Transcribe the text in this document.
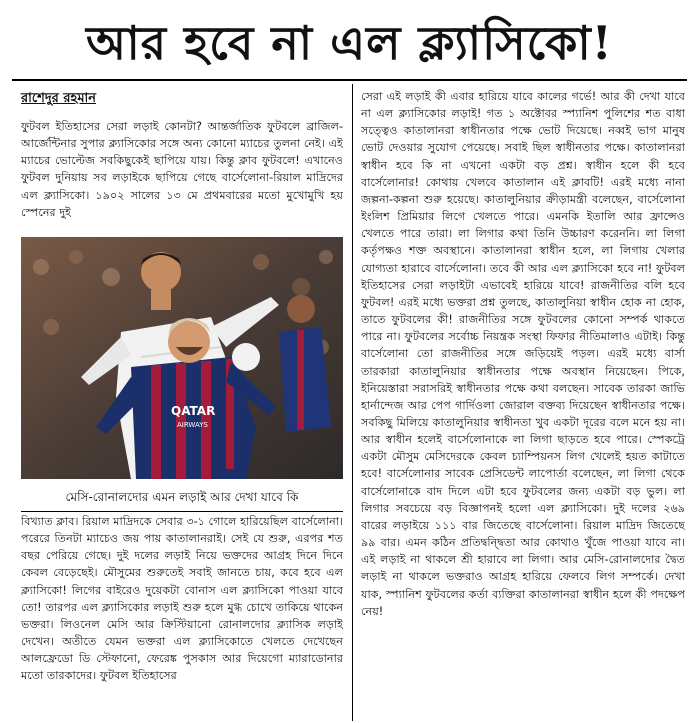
আর হবে না এল ক্ল্যাসিকো!
রাশেদুর রহমান

ফুটবল ইতিহাসের সেরা লড়াই কোনটা? আন্তর্জাতিক ফুটবলে ব্রাজিল-আর্জেন্টিনার সুপার ক্ল্যাসিকোর সঙ্গে অন্য কোনো ম্যাচের তুলনা নেই। এই ম্যাচের ভোল্টেজ সবকিছুকেই ছাপিয়ে যায়। কিন্তু ক্লাব ফুটবলে! এখানেও ফুটবল দুনিয়ায় সব লড়াইকে ছাপিয়ে গেছে বার্সেলোনা-রিয়াল মাদ্রিদের এল ক্ল্যাসিকো। ১৯০২ সালের ১৩ মে প্রথমবারের মতো মুখোমুখি হয় স্পেনের দুই

QATAR
AIRWAYS
মেসি-রোনালদোর এমন লড়াই আর দেখা যাবে কি

বিখ্যাত ক্লাব। রিয়াল মাদ্রিদকে সেবার ৩-১ গোলে হারিয়েছিল বার্সেলোনা। পরেরে তিনটা ম্যাচেও জয় পায় কাতালানরাই। সেই যে শুরু, এরপর শত বছর পেরিয়ে গেছে। দুই দলের লড়াই নিয়ে ভক্তদের আগ্রহ দিনে দিনে কেবল বেড়েছেই। মৌসুমের শুরুতেই সবাই জানতে চায়, কবে হবে এল ক্ল্যাসিকো! লিগের বাইরেও দুয়েকটা বোনাস এল ক্ল্যাসিকো পাওয়া যাবে তো! তারপর এল ক্ল্যাসিকোর লড়াই শুরু হলে মুগ্ধ চোখে তাকিয়ে থাকেন ভক্তরা। লিওনেল মেসি আর ক্রিস্টিয়ানো রোনালদোর ক্ল্যাসিক লড়াই দেখেন। অতীতে যেমন ভক্তরা এল ক্ল্যাসিকোতে খেলতে দেখেছেন আলফ্রেডো ডি স্টেফানো, ফেরেঙ্ক পুসকাস আর দিয়েগো ম্যারাডোনার মতো তারকাদের। ফুটবল ইতিহাসের

সেরা এই লড়াই কী এবার হারিয়ে যাবে কালের গর্ভে! আর কী দেখা যাবে না এল ক্ল্যাসিকোর লড়াই! গত ১ অক্টোবর স্প্যানিশ পুলিশের শত বাধা সত্ত্বেও কাতালানরা স্বাধীনতার পক্ষে ভোট দিয়েছে। নব্বই ভাগ মানুষ ভোট দেওয়ার সুযোগ পেয়েছে। সবাই ছিল স্বাধীনতার পক্ষে। কাতালানরা স্বাধীন হবে কি না এখনো একটা বড় প্রশ্ন। স্বাধীন হলে কী হবে বার্সেলোনার! কোথায় খেলবে কাতালান এই ক্লাবটি! এরই মধ্যে নানা জল্পনা-কল্পনা শুরু হয়েছে। কাতালুনিয়ার ক্রীড়ামন্ত্রী বলেছেন, বার্সেলোনা ইংলিশ প্রিমিয়ার লিগে খেলতে পারে। এমনকি ইতালি আর ফ্রান্সেও খেলতে পারে তারা। লা লিগার কথা তিনি উচ্চারণ করেননি। লা লিগা কর্তৃপক্ষও শক্ত অবস্থানে। কাতালানরা স্বাধীন হলে, লা লিগায় খেলার যোগ্যতা হারাবে বার্সেলোনা। তবে কী আর এল ক্ল্যাসিকো হবে না! ফুটবল ইতিহাসের সেরা লড়াইটা এভাবেই হারিয়ে যাবে! রাজনীতির বলি হবে ফুটবল! এরই মধ্যে ভক্তরা প্রশ্ন তুলছে, কাতালুনিয়া স্বাধীন হোক না হোক, তাতে ফুটবলের কী! রাজনীতির সঙ্গে ফুটবলের কোনো সম্পর্ক থাকতে পারে না। ফুটবলের সর্বোচ্চ নিয়ন্ত্রক সংস্থা ফিফার নীতিমালাও এটাই। কিন্তু বার্সেলোনা তো রাজনীতির সঙ্গে জড়িয়েই পড়ল। এরই মধ্যে বার্সা তারকারা কাতালুনিয়ার স্বাধীনতার পক্ষে অবস্থান নিয়েছেন। পিকে, ইনিয়েস্তারা সরাসরিই স্বাধীনতার পক্ষে কথা বলছেন। সাবেক তারকা জাভি হার্নান্দেজ আর পেপ গার্দিওলা জোরাল বক্তব্য দিয়েছেন স্বাধীনতার পক্ষে। সবকিছু মিলিয়ে কাতালুনিয়ার স্বাধীনতা খুব একটা দূরের বলে মনে হয় না। আর স্বাধীন হলেই বার্সেলোনাকে লা লিগা ছাড়তে হবে পারে। স্পেকট্রে একটা মৌসুম মেসিদেরকে কেবল চ্যাম্পিয়নস লিগ খেলেই হয়ত কাটাতে হবে! বার্সেলোনার সাবেক প্রেসিডেন্ট লাপোর্তা বলেছেন, লা লিগা থেকে বার্সেলোনাকে বাদ দিলে এটা হবে ফুটবলের জন্য একটা বড় ভুল। লা লিগার সবচেয়ে বড় বিজ্ঞাপনই হলো এল ক্ল্যাসিকো। দুই দলের ২৬৯ বারের লড়াইয়ে ১১১ বার জিতেছে বার্সেলোনা। রিয়াল মাদ্রিদ জিতেছে ৯৯ বার। এমন কঠিন প্রতিদ্বন্দ্বিতা আর কোথাও খুঁজে পাওয়া যাবে না। এই লড়াই না থাকলে শ্রী হারাবে লা লিগা। আর মেসি-রোনালদোর দ্বৈত লড়াই না থাকলে ভক্তরাও আগ্রহ হারিয়ে ফেলবে লিগ সম্পর্কে। দেখা যাক, স্প্যানিশ ফুটবলের কর্তা ব্যক্তিরা কাতালানরা স্বাধীন হলে কী পদক্ষেপ নেয়!
